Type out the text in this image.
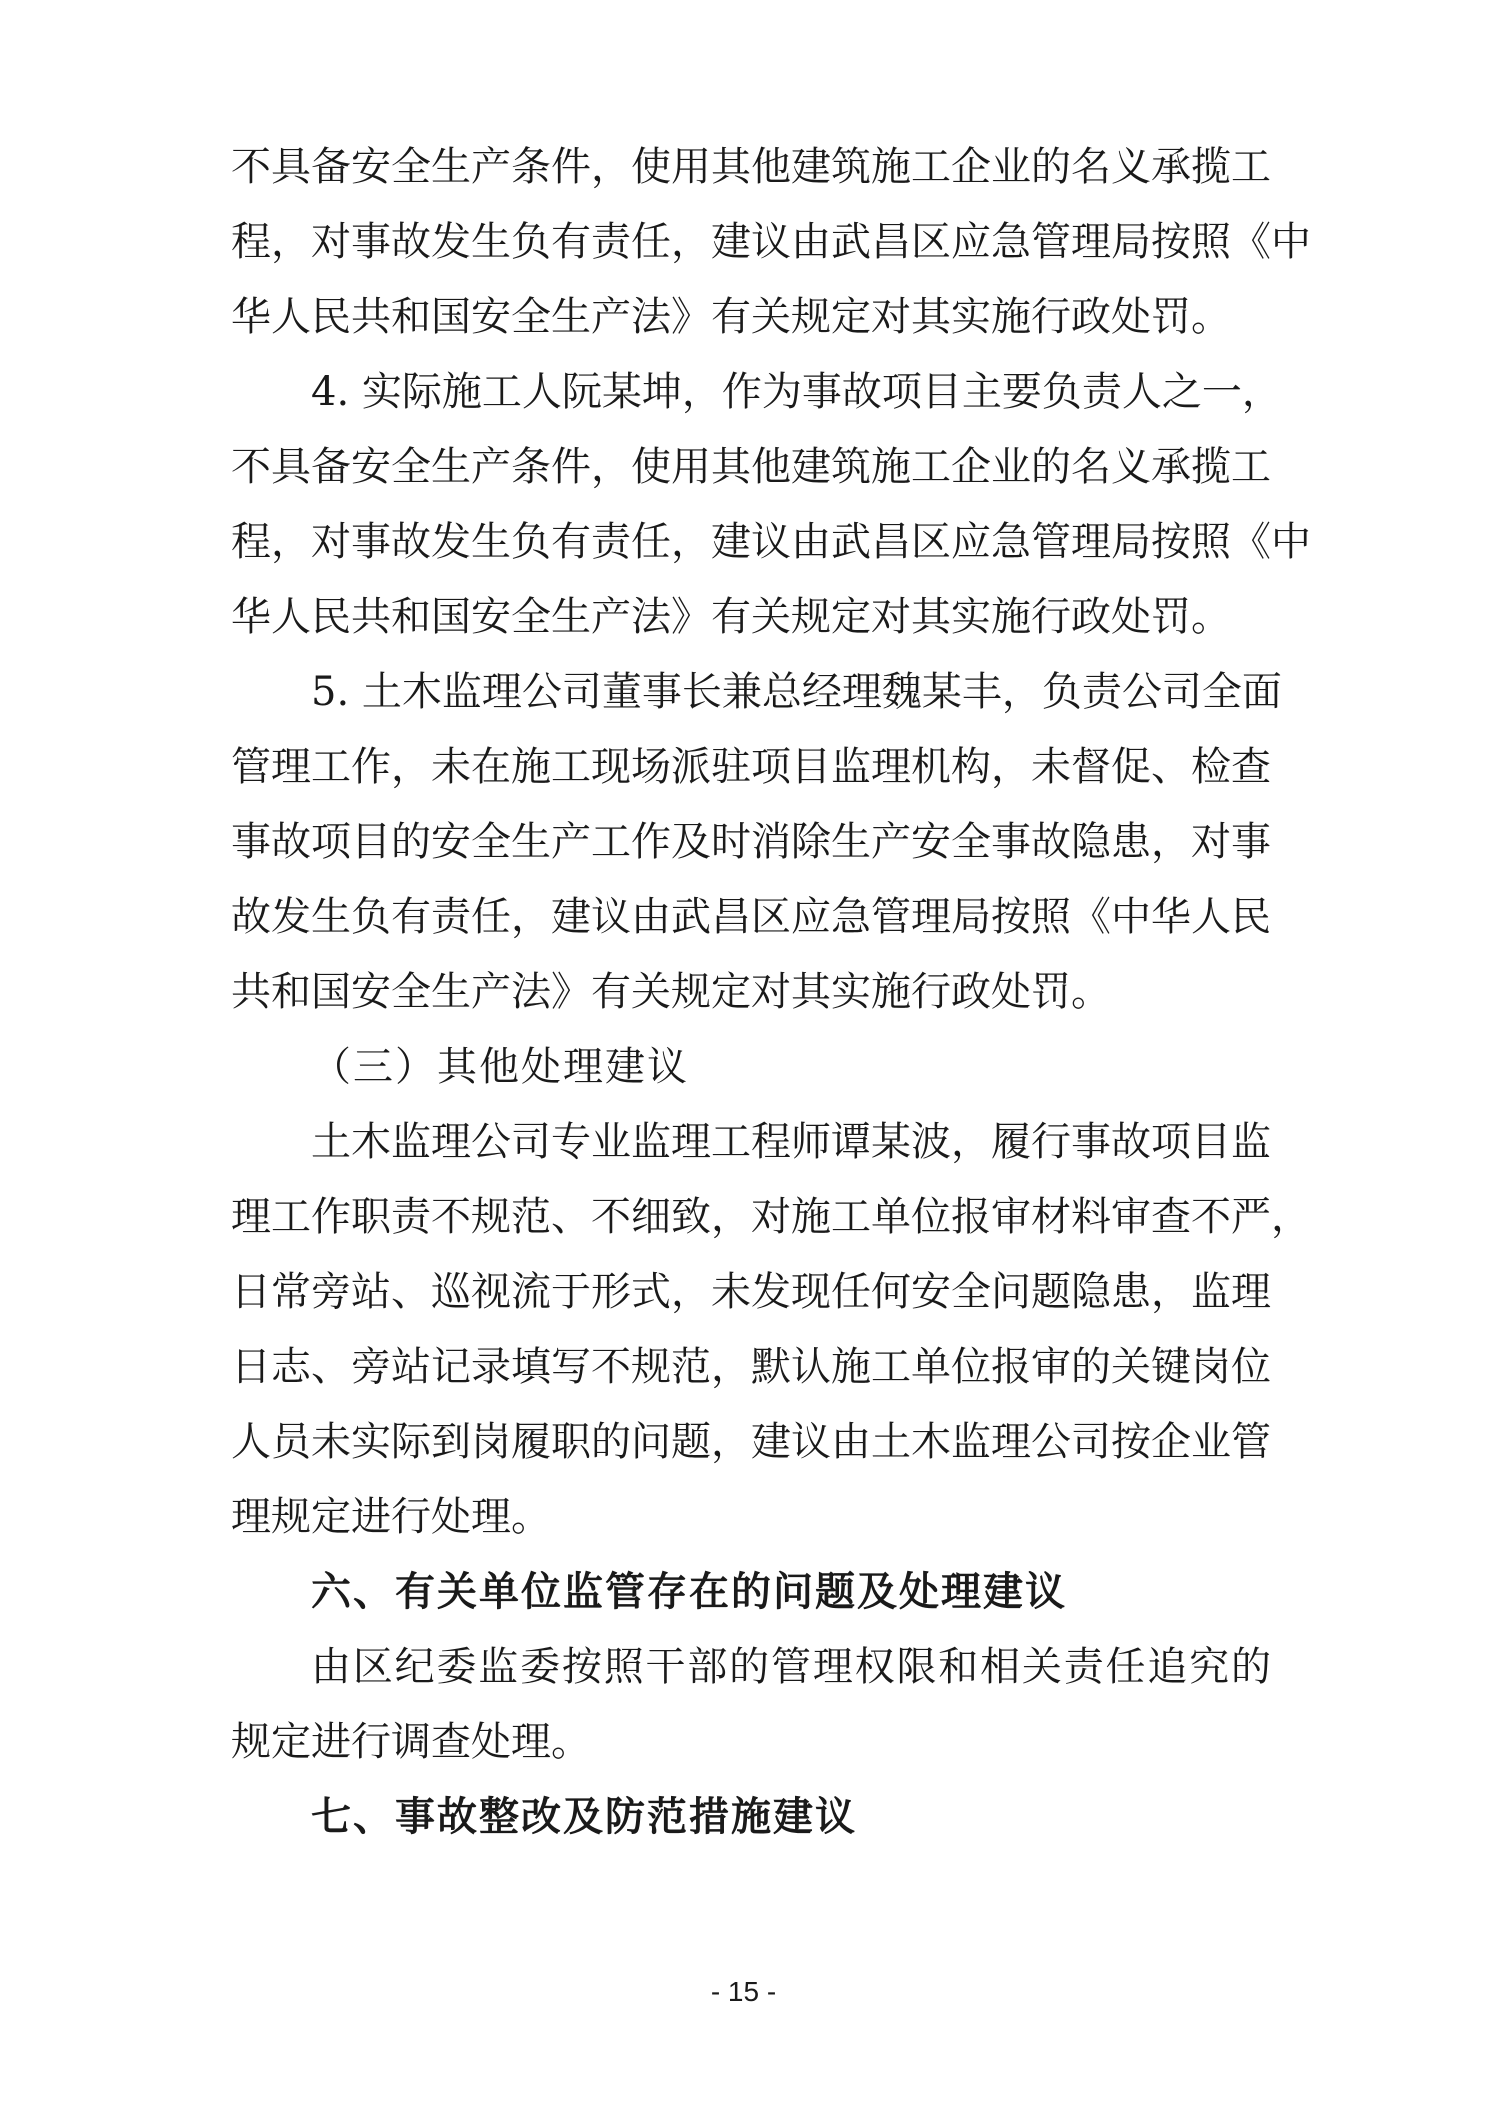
不具备安全生产条件，使用其他建筑施工企业的名义承揽工
程，对事故发生负有责任，建议由武昌区应急管理局按照《中
华人民共和国安全生产法》有关规定对其实施行政处罚。
4. 实际施工人阮某坤，作为事故项目主要负责人之一，
不具备安全生产条件，使用其他建筑施工企业的名义承揽工
程，对事故发生负有责任，建议由武昌区应急管理局按照《中
华人民共和国安全生产法》有关规定对其实施行政处罚。
5. 土木监理公司董事长兼总经理魏某丰，负责公司全面
管理工作，未在施工现场派驻项目监理机构，未督促、检查
事故项目的安全生产工作及时消除生产安全事故隐患，对事
故发生负有责任，建议由武昌区应急管理局按照《中华人民
共和国安全生产法》有关规定对其实施行政处罚。
（三）其他处理建议
土木监理公司专业监理工程师谭某波，履行事故项目监
理工作职责不规范、不细致，对施工单位报审材料审查不严，
日常旁站、巡视流于形式，未发现任何安全问题隐患，监理
日志、旁站记录填写不规范，默认施工单位报审的关键岗位
人员未实际到岗履职的问题，建议由土木监理公司按企业管
理规定进行处理。
六、有关单位监管存在的问题及处理建议
由区纪委监委按照干部的管理权限和相关责任追究的
规定进行调查处理。
七、事故整改及防范措施建议
- 15 -
